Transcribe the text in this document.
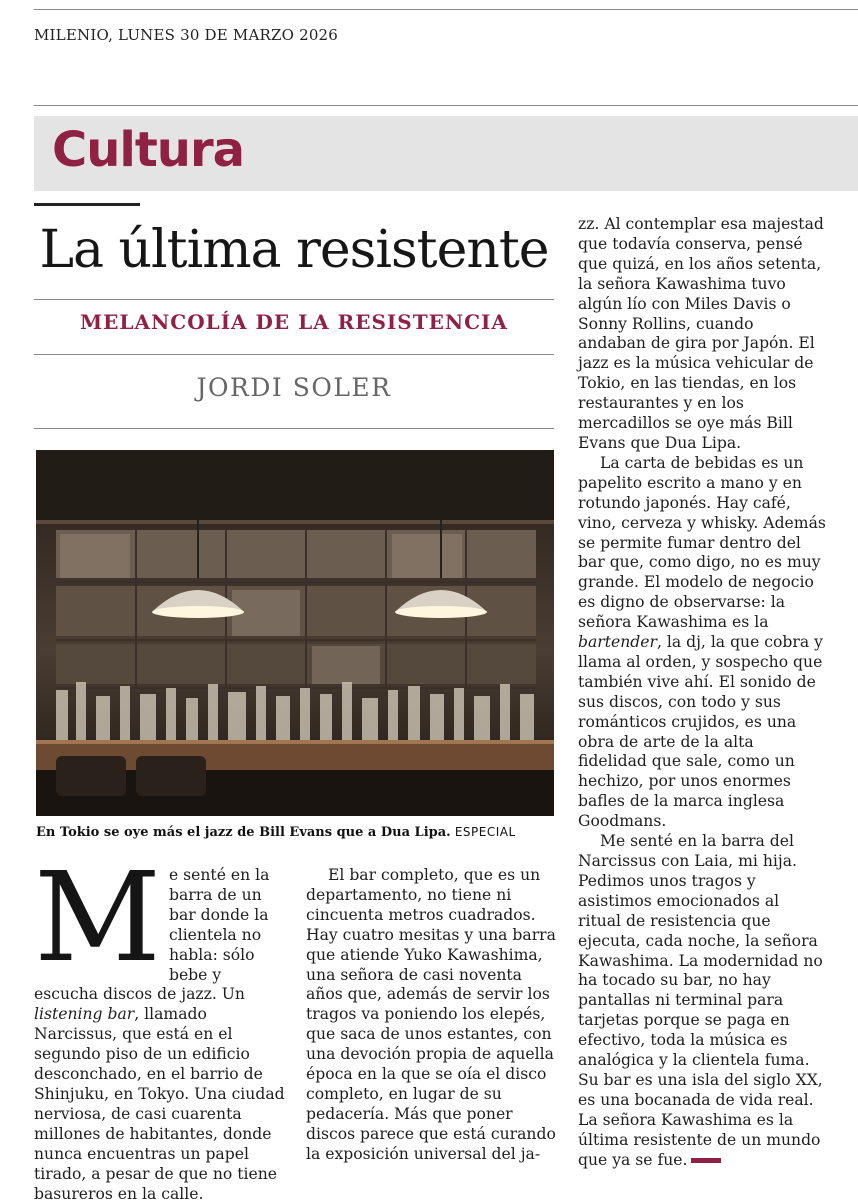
MILENIO, LUNES 30 DE MARZO 2026
Cultura
La última resistente
MELANCOLÍA DE LA RESISTENCIA
JORDI SOLER
En Tokio se oye más el jazz de Bill Evans que a Dua Lipa. ESPECIAL

M e senté en la barra de un bar donde la clientela no habla: sólo bebe y escucha discos de jazz. Un listening bar, llamado Narcissus, que está en el segundo piso de un edificio desconchado, en el barrio de Shinjuku, en Tokyo. Una ciudad nerviosa, de casi cuarenta millones de habitantes, donde nunca encuentras un papel tirado, a pesar de que no tiene basureros en la calle.

El bar completo, que es un departamento, no tiene ni cincuenta metros cuadrados. Hay cuatro mesitas y una barra que atiende Yuko Kawashima, una señora de casi noventa años que, además de servir los tragos va poniendo los elepés, que saca de unos estantes, con una devoción propia de aquella época en la que se oía el disco completo, en lugar de su pedacería. Más que poner discos parece que está curando la exposición universal del ja-

zz. Al contemplar esa majestad que todavía conserva, pensé que quizá, en los años setenta, la señora Kawashima tuvo algún lío con Miles Davis o Sonny Rollins, cuando andaban de gira por Japón. El jazz es la música vehicular de Tokio, en las tiendas, en los restaurantes y en los mercadillos se oye más Bill Evans que Dua Lipa.

La carta de bebidas es un papelito escrito a mano y en rotundo japonés. Hay café, vino, cerveza y whisky. Además se permite fumar dentro del bar que, como digo, no es muy grande. El modelo de negocio es digno de observarse: la señora Kawashima es la bartender, la dj, la que cobra y llama al orden, y sospecho que también vive ahí. El sonido de sus discos, con todo y sus románticos crujidos, es una obra de arte de la alta fidelidad que sale, como un hechizo, por unos enormes bafles de la marca inglesa Goodmans.

Me senté en la barra del Narcissus con Laia, mi hija. Pedimos unos tragos y asistimos emocionados al ritual de resistencia que ejecuta, cada noche, la señora Kawashima. La modernidad no ha tocado su bar, no hay pantallas ni terminal para tarjetas porque se paga en efectivo, toda la música es analógica y la clientela fuma. Su bar es una isla del siglo XX, es una bocanada de vida real. La señora Kawashima es la última resistente de un mundo que ya se fue.
